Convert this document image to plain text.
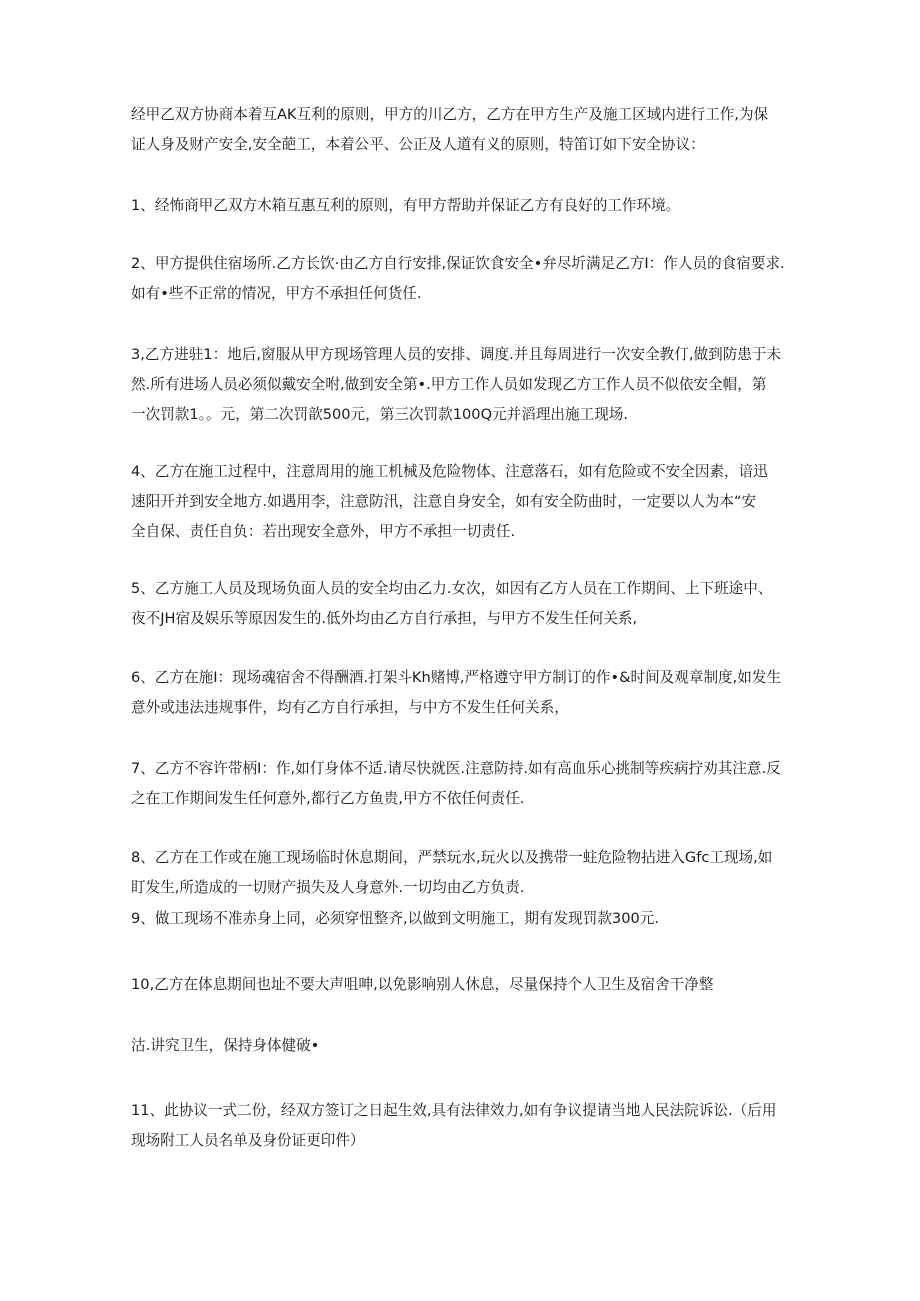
经甲乙双方协商本着互AK互利的原则，甲方的川乙方，乙方在甲方生产及施工区域内进行工作,为保
证人身及财产安全,安全葩工，本着公平、公正及人道有义的原则，特笛订如下安全协议：

1、经怖商甲乙双方木箱互惠互利的原则，有甲方帮助并保证乙方有良好的工作环境。

2、甲方提供住宿场所.乙方长饮·由乙方自行安排,保证饮食安全•弁尽圻满足乙方I：作人员的食宿要求.
如有•些不正常的情况，甲方不承担任何货任.

3,乙方进驻1：地后,窗服从甲方现场管理人员的安排、调度.并且每周进行一次安全教仃,做到防患于未
然.所有进场人员必须似戴安全咐,做到安全第•.甲方工作人员如发现乙方工作人员不似依安全帽，第
一次罚款1。。元，第二次罚歆500元，第三次罚款100Q元并滔理出施工现场.

4、乙方在施工过程中，注意周用的施工机械及危险物体、注意落石，如有危险或不安全因素，谙迅
速阳开并到安全地方.如遇用李，注意防汛，注意自身安全，如有安全防曲时，一定要以人为本“安
全自保、责任自负：若出现安全意外，甲方不承担一切责任.

5、乙方施工人员及现场负面人员的安全均由乙力.女次，如因有乙方人员在工作期间、上下班途中、
夜不JH宿及娱乐等原因发生的.低外均由乙方自行承担，与甲方不发生任何关系,

6、乙方在施I：现场魂宿舍不得酬酒.打架斗Kh赌博,严格遵守甲方制订的作•&时间及观章制度,如发生
意外或违法违规事件，均有乙方自行承担，与中方不发生任何关系，

7、乙方不容许带柄I：作,如仃身体不适.请尽快就医.注意防持.如有高血乐心挑制等疾病拧劝其注意.反
之在工作期间发生任何意外,都行乙方鱼贵,甲方不依任何责任.

8、乙方在工作或在施工现场临时休息期间，严禁玩水,玩火以及携带一蛀危险物拈进入Gfc工现场,如
盯发生,所造成的一切财产损失及人身意外.一切均由乙方负责.

9、做工现场不准赤身上同，必须穿忸整齐,以做到文明施工，期有发现罚款300元.

10,乙方在体息期间也址不要大声咀呻,以免影响别人休息，尽量保持个人卫生及宿舍干净整

沽.讲究卫生，保持身体健破•

11、此协议一式二份，经双方签订之日起生效,具有法律效力,如有争议提请当地人民法院诉讼.（后用
现场附工人员名单及身份证更印件）
